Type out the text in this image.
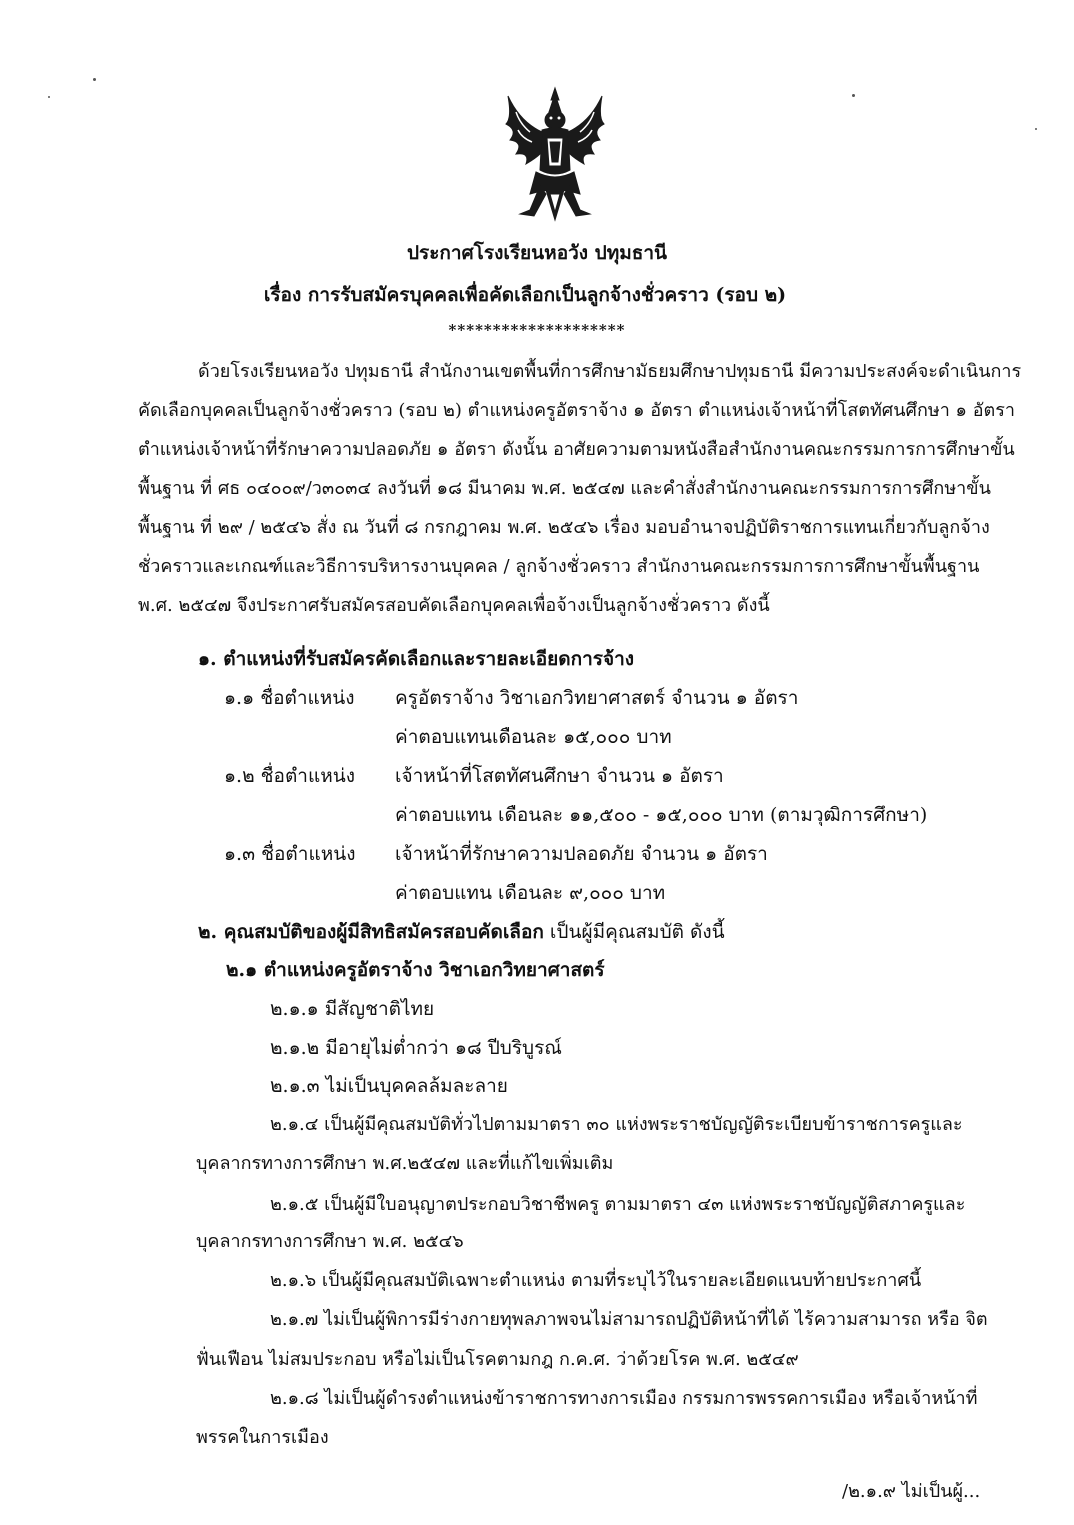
ประกาศโรงเรียนหอวัง ปทุมธานี
เรื่อง การรับสมัครบุคคลเพื่อคัดเลือกเป็นลูกจ้างชั่วคราว (รอบ ๒)
********************
ด้วยโรงเรียนหอวัง ปทุมธานี สำนักงานเขตพื้นที่การศึกษามัธยมศึกษาปทุมธานี มีความประสงค์จะดำเนินการ
คัดเลือกบุคคลเป็นลูกจ้างชั่วคราว (รอบ ๒) ตำแหน่งครูอัตราจ้าง ๑ อัตรา ตำแหน่งเจ้าหน้าที่โสตทัศนศึกษา ๑ อัตรา
ตำแหน่งเจ้าหน้าที่รักษาความปลอดภัย ๑ อัตรา ดังนั้น อาศัยความตามหนังสือสำนักงานคณะกรรมการการศึกษาขั้น
พื้นฐาน ที่ ศธ ๐๔๐๐๙/ว๓๐๓๔ ลงวันที่ ๑๘ มีนาคม พ.ศ. ๒๕๔๗ และคำสั่งสำนักงานคณะกรรมการการศึกษาขั้น
พื้นฐาน ที่ ๒๙ / ๒๕๔๖ สั่ง ณ วันที่ ๘ กรกฎาคม พ.ศ. ๒๕๔๖ เรื่อง มอบอำนาจปฏิบัติราชการแทนเกี่ยวกับลูกจ้าง
ชั่วคราวและเกณฑ์และวิธีการบริหารงานบุคคล / ลูกจ้างชั่วคราว สำนักงานคณะกรรมการการศึกษาขั้นพื้นฐาน
พ.ศ. ๒๕๔๗ จึงประกาศรับสมัครสอบคัดเลือกบุคคลเพื่อจ้างเป็นลูกจ้างชั่วคราว ดังนี้
๑. ตำแหน่งที่รับสมัครคัดเลือกและรายละเอียดการจ้าง
๑.๑ ชื่อตำแหน่ง ครูอัตราจ้าง วิชาเอกวิทยาศาสตร์ จำนวน ๑ อัตรา
ค่าตอบแทนเดือนละ ๑๕,๐๐๐ บาท
๑.๒ ชื่อตำแหน่ง เจ้าหน้าที่โสตทัศนศึกษา จำนวน ๑ อัตรา
ค่าตอบแทน เดือนละ ๑๑,๕๐๐ - ๑๕,๐๐๐ บาท (ตามวุฒิการศึกษา)
๑.๓ ชื่อตำแหน่ง เจ้าหน้าที่รักษาความปลอดภัย จำนวน ๑ อัตรา
ค่าตอบแทน เดือนละ ๙,๐๐๐ บาท
๒. คุณสมบัติของผู้มีสิทธิสมัครสอบคัดเลือก เป็นผู้มีคุณสมบัติ ดังนี้
๒.๑ ตำแหน่งครูอัตราจ้าง วิชาเอกวิทยาศาสตร์
๒.๑.๑ มีสัญชาติไทย
๒.๑.๒ มีอายุไม่ต่ำกว่า ๑๘ ปีบริบูรณ์
๒.๑.๓ ไม่เป็นบุคคลล้มละลาย
๒.๑.๔ เป็นผู้มีคุณสมบัติทั่วไปตามมาตรา ๓๐ แห่งพระราชบัญญัติระเบียบข้าราชการครูและ
บุคลากรทางการศึกษา พ.ศ.๒๕๔๗ และที่แก้ไขเพิ่มเติม
๒.๑.๕ เป็นผู้มีใบอนุญาตประกอบวิชาชีพครู ตามมาตรา ๔๓ แห่งพระราชบัญญัติสภาครูและ
บุคลากรทางการศึกษา พ.ศ. ๒๕๔๖
๒.๑.๖ เป็นผู้มีคุณสมบัติเฉพาะตำแหน่ง ตามที่ระบุไว้ในรายละเอียดแนบท้ายประกาศนี้
๒.๑.๗ ไม่เป็นผู้พิการมีร่างกายทุพลภาพจนไม่สามารถปฏิบัติหน้าที่ได้ ไร้ความสามารถ หรือ จิต
ฟั่นเฟือน ไม่สมประกอบ หรือไม่เป็นโรคตามกฎ ก.ค.ศ. ว่าด้วยโรค พ.ศ. ๒๕๔๙
๒.๑.๘ ไม่เป็นผู้ดำรงตำแหน่งข้าราชการทางการเมือง กรรมการพรรคการเมือง หรือเจ้าหน้าที่
พรรคในการเมือง
/๒.๑.๙ ไม่เป็นผู้...
